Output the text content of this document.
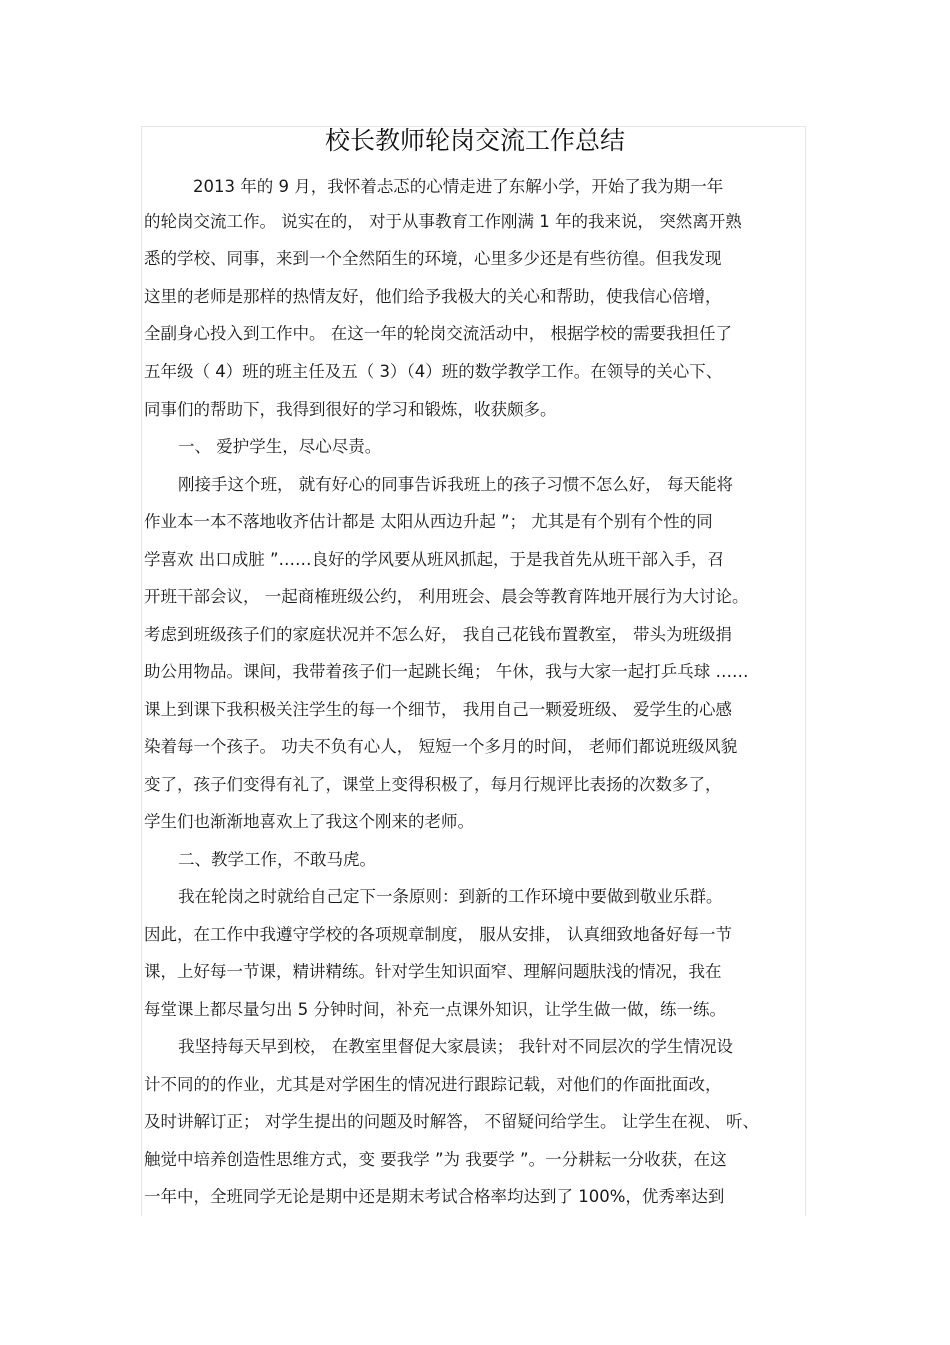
校长教师轮岗交流工作总结
2013 年的 9 月，我怀着忐忑的心情走进了东解小学，开始了我为期一年
的轮岗交流工作。 说实在的， 对于从事教育工作刚满 1 年的我来说， 突然离开熟
悉的学校、同事，来到一个全然陌生的环境，心里多少还是有些彷徨。但我发现
这里的老师是那样的热情友好，他们给予我极大的关心和帮助，使我信心倍增，
全副身心投入到工作中。 在这一年的轮岗交流活动中， 根据学校的需要我担任了
五年级（ 4）班的班主任及五（ 3）（4）班的数学教学工作。在领导的关心下、
同事们的帮助下，我得到很好的学习和锻炼，收获颇多。
一、 爱护学生，尽心尽责。
刚接手这个班， 就有好心的同事告诉我班上的孩子习惯不怎么好， 每天能将
作业本一本不落地收齐估计都是 太阳从西边升起 ”； 尤其是有个别有个性的同
学喜欢 出口成脏 ”……良好的学风要从班风抓起，于是我首先从班干部入手，召
开班干部会议， 一起商榷班级公约， 利用班会、晨会等教育阵地开展行为大讨论。
考虑到班级孩子们的家庭状况并不怎么好， 我自己花钱布置教室， 带头为班级捐
助公用物品。课间，我带着孩子们一起跳长绳； 午休，我与大家一起打乒乓球 ……
课上到课下我积极关注学生的每一个细节， 我用自己一颗爱班级、 爱学生的心感
染着每一个孩子。 功夫不负有心人， 短短一个多月的时间， 老师们都说班级风貌
变了，孩子们变得有礼了，课堂上变得积极了，每月行规评比表扬的次数多了，
学生们也渐渐地喜欢上了我这个刚来的老师。
二、教学工作，不敢马虎。
我在轮岗之时就给自己定下一条原则：到新的工作环境中要做到敬业乐群。
因此，在工作中我遵守学校的各项规章制度， 服从安排， 认真细致地备好每一节
课，上好每一节课，精讲精练。针对学生知识面窄、理解问题肤浅的情况，我在
每堂课上都尽量匀出 5 分钟时间，补充一点课外知识，让学生做一做，练一练。
我坚持每天早到校， 在教室里督促大家晨读； 我针对不同层次的学生情况设
计不同的的作业，尤其是对学困生的情况进行跟踪记载，对他们的作面批面改，
及时讲解订正； 对学生提出的问题及时解答， 不留疑问给学生。 让学生在视、 听、
触觉中培养创造性思维方式，变 要我学 ”为 我要学 ”。一分耕耘一分收获，在这
一年中，全班同学无论是期中还是期末考试合格率均达到了 100%，优秀率达到
